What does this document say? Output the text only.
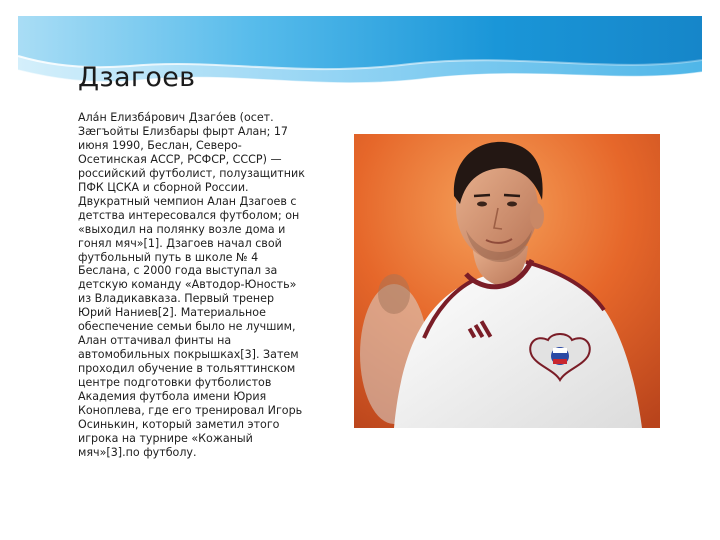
Дзагоев

Ала́н Елизба́рович Дзаго́ев (осет.
Зæгъойты Елизбары фырт Алан; 17
июня 1990, Беслан, Северо-
Осетинская АССР, РСФСР, СССР) —
российский футболист, полузащитник
ПФК ЦСКА и сборной России.
Двукратный чемпион Алан Дзагоев с
детства интересовался футболом; он
«выходил на полянку возле дома и
гонял мяч»[1]. Дзагоев начал свой
футбольный путь в школе № 4
Беслана, с 2000 года выступал за
детскую команду «Автодор-Юность»
из Владикавказа. Первый тренер
Юрий Наниев[2]. Материальное
обеспечение семьи было не лучшим,
Алан оттачивал финты на
автомобильных покрышках[3]. Затем
проходил обучение в тольяттинском
центре подготовки футболистов
Академия футбола имени Юрия
Коноплева, где его тренировал Игорь
Осинькин, который заметил этого
игрока на турнире «Кожаный
мяч»[3].по футболу.
